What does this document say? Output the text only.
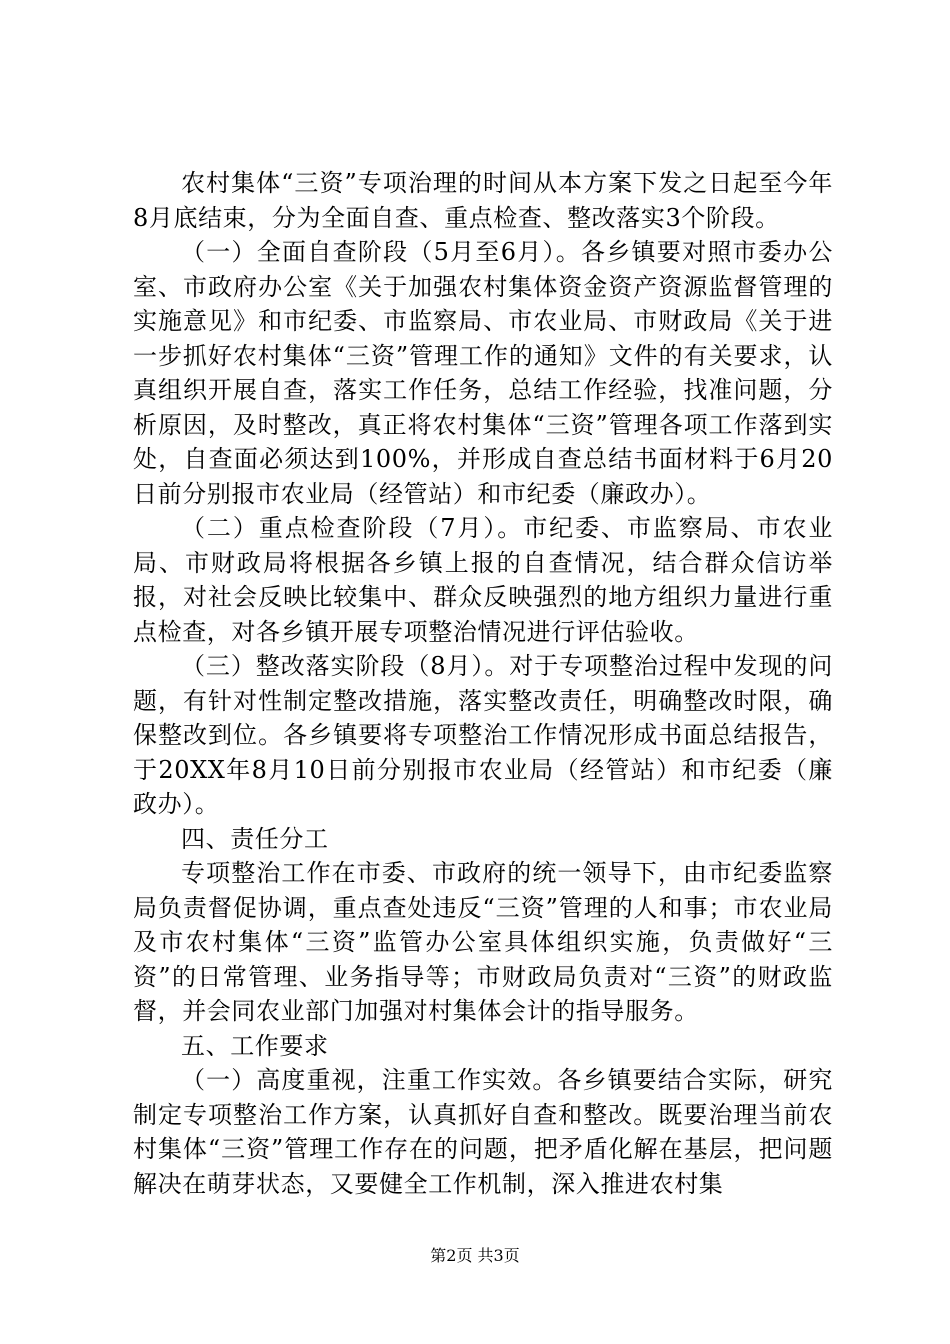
农村集体“三资”专项治理的时间从本方案下发之日起至今年8月底结束，分为全面自查、重点检查、整改落实3个阶段。

（一）全面自查阶段（5月至6月）。各乡镇要对照市委办公室、市政府办公室《关于加强农村集体资金资产资源监督管理的实施意见》和市纪委、市监察局、市农业局、市财政局《关于进一步抓好农村集体“三资”管理工作的通知》文件的有关要求，认真组织开展自查，落实工作任务，总结工作经验，找准问题，分析原因，及时整改，真正将农村集体“三资”管理各项工作落到实处，自查面必须达到100%，并形成自查总结书面材料于6月20日前分别报市农业局（经管站）和市纪委（廉政办）。

（二）重点检查阶段（7月）。市纪委、市监察局、市农业局、市财政局将根据各乡镇上报的自查情况，结合群众信访举报，对社会反映比较集中、群众反映强烈的地方组织力量进行重点检查，对各乡镇开展专项整治情况进行评估验收。

（三）整改落实阶段（8月）。对于专项整治过程中发现的问题，有针对性制定整改措施，落实整改责任，明确整改时限，确保整改到位。各乡镇要将专项整治工作情况形成书面总结报告，于20XX年8月10日前分别报市农业局（经管站）和市纪委（廉政办）。

四、责任分工

专项整治工作在市委、市政府的统一领导下，由市纪委监察局负责督促协调，重点查处违反“三资”管理的人和事；市农业局及市农村集体“三资”监管办公室具体组织实施，负责做好“三资”的日常管理、业务指导等；市财政局负责对“三资”的财政监督，并会同农业部门加强对村集体会计的指导服务。

五、工作要求

（一）高度重视，注重工作实效。各乡镇要结合实际，研究制定专项整治工作方案，认真抓好自查和整改。既要治理当前农村集体“三资”管理工作存在的问题，把矛盾化解在基层，把问题解决在萌芽状态，又要健全工作机制，深入推进农村集

第2页 共3页
